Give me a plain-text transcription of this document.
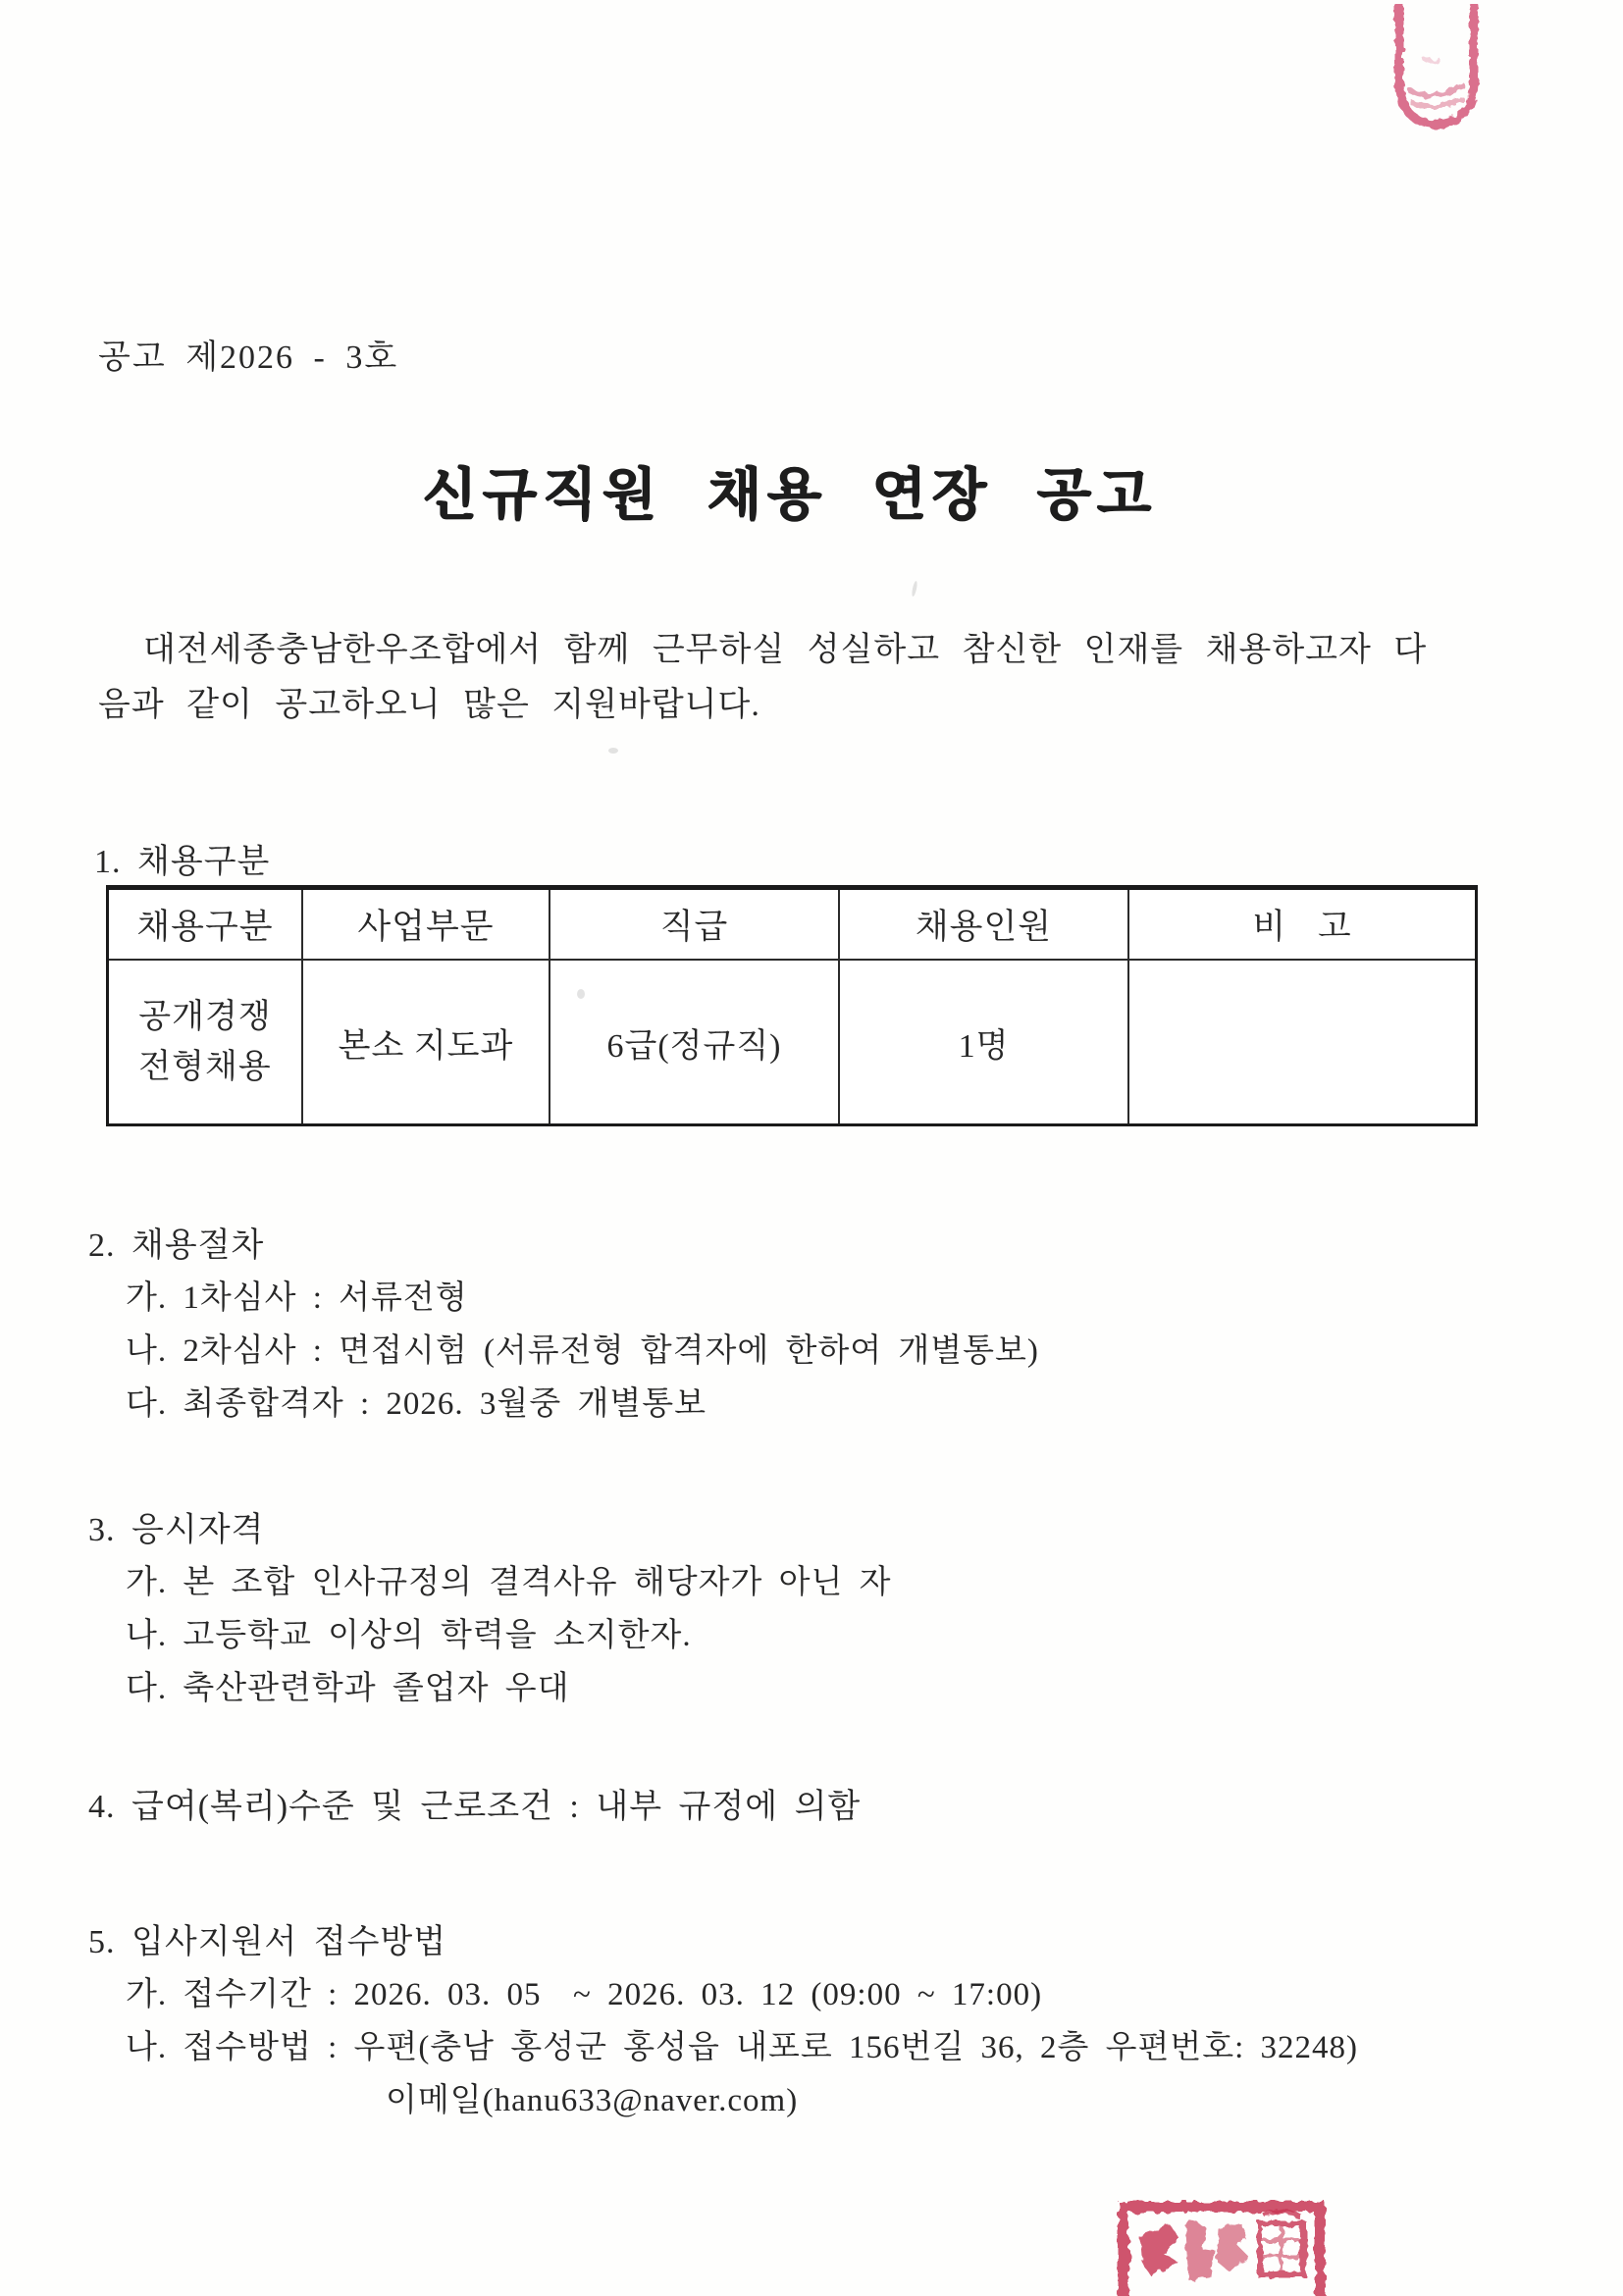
공고 제2026 - 3호
신규직원 채용 연장 공고

대전세종충남한우조합에서 함께 근무하실 성실하고 참신한 인재를 채용하고자 다

음과 같이 공고하오니 많은 지원바랍니다.

1. 채용구분
채용구분	사업부문	직급	채용인원	비 고
공개경쟁
전형채용
본소 지도과	6급(정규직)	1명
2. 채용절차
가. 1차심사 : 서류전형
나. 2차심사 : 면접시험 (서류전형 합격자에 한하여 개별통보)
다. 최종합격자 : 2026. 3월중 개별통보
3. 응시자격
가. 본 조합 인사규정의 결격사유 해당자가 아닌 자
나. 고등학교 이상의 학력을 소지한자.
다. 축산관련학과 졸업자 우대
4. 급여(복리)수준 및 근로조건 : 내부 규정에 의함
5. 입사지원서 접수방법
가. 접수기간 : 2026. 03. 05  ~ 2026. 03. 12 (09:00 ~ 17:00)
나. 접수방법 : 우편(충남 홍성군 홍성읍 내포로 156번길 36, 2층 우편번호: 32248)
이메일(hanu633@naver.com)
